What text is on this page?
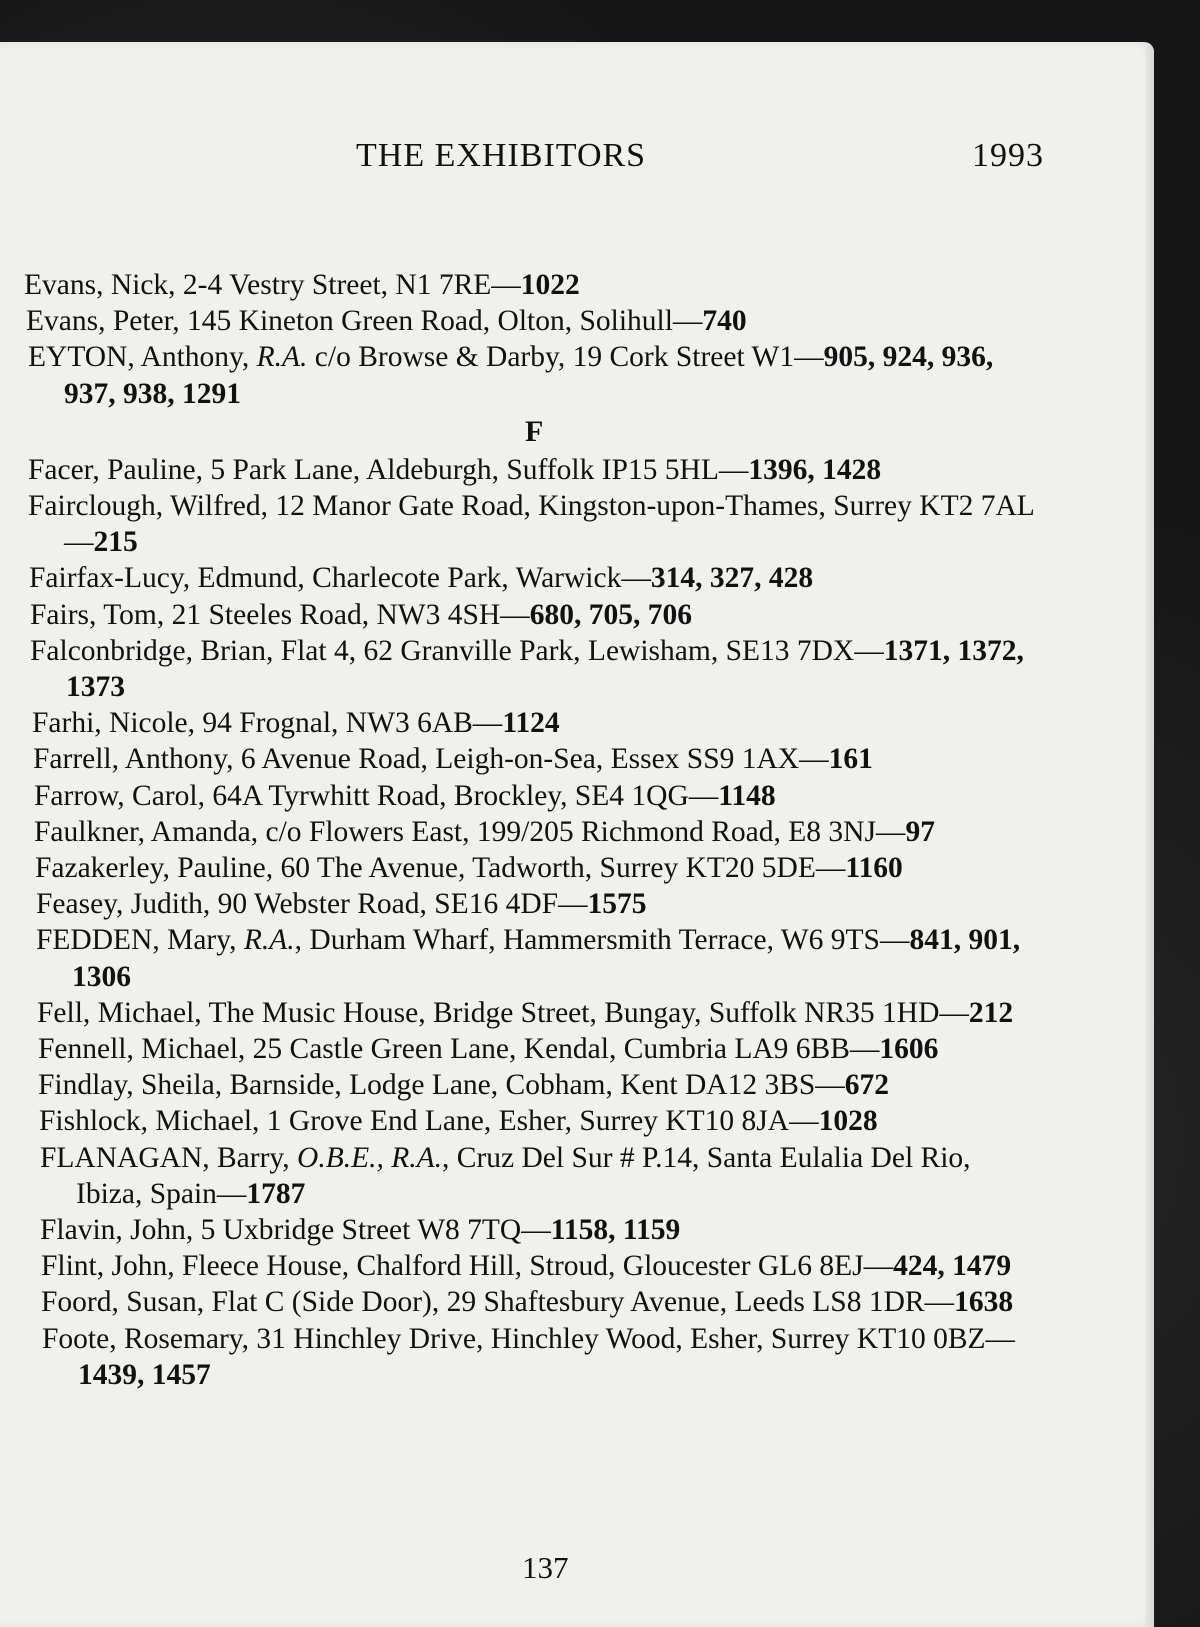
THE EXHIBITORS	1993
Evans, Nick, 2-4 Vestry Street, N1 7RE—1022
Evans, Peter, 145 Kineton Green Road, Olton, Solihull—740
EYTON, Anthony, R.A. c/o Browse & Darby, 19 Cork Street W1—905, 924, 936, 937, 938, 1291
F
Facer, Pauline, 5 Park Lane, Aldeburgh, Suffolk IP15 5HL—1396, 1428
Fairclough, Wilfred, 12 Manor Gate Road, Kingston-upon-Thames, Surrey KT2 7AL—215
Fairfax-Lucy, Edmund, Charlecote Park, Warwick—314, 327, 428
Fairs, Tom, 21 Steeles Road, NW3 4SH—680, 705, 706
Falconbridge, Brian, Flat 4, 62 Granville Park, Lewisham, SE13 7DX—1371, 1372, 1373
Farhi, Nicole, 94 Frognal, NW3 6AB—1124
Farrell, Anthony, 6 Avenue Road, Leigh-on-Sea, Essex SS9 1AX—161
Farrow, Carol, 64A Tyrwhitt Road, Brockley, SE4 1QG—1148
Faulkner, Amanda, c/o Flowers East, 199/205 Richmond Road, E8 3NJ—97
Fazakerley, Pauline, 60 The Avenue, Tadworth, Surrey KT20 5DE—1160
Feasey, Judith, 90 Webster Road, SE16 4DF—1575
FEDDEN, Mary, R.A., Durham Wharf, Hammersmith Terrace, W6 9TS—841, 901, 1306
Fell, Michael, The Music House, Bridge Street, Bungay, Suffolk NR35 1HD—212
Fennell, Michael, 25 Castle Green Lane, Kendal, Cumbria LA9 6BB—1606
Findlay, Sheila, Barnside, Lodge Lane, Cobham, Kent DA12 3BS—672
Fishlock, Michael, 1 Grove End Lane, Esher, Surrey KT10 8JA—1028
FLANAGAN, Barry, O.B.E., R.A., Cruz Del Sur # P.14, Santa Eulalia Del Rio, Ibiza, Spain—1787
Flavin, John, 5 Uxbridge Street W8 7TQ—1158, 1159
Flint, John, Fleece House, Chalford Hill, Stroud, Gloucester GL6 8EJ—424, 1479
Foord, Susan, Flat C (Side Door), 29 Shaftesbury Avenue, Leeds LS8 1DR—1638
Foote, Rosemary, 31 Hinchley Drive, Hinchley Wood, Esher, Surrey KT10 0BZ—1439, 1457
137
